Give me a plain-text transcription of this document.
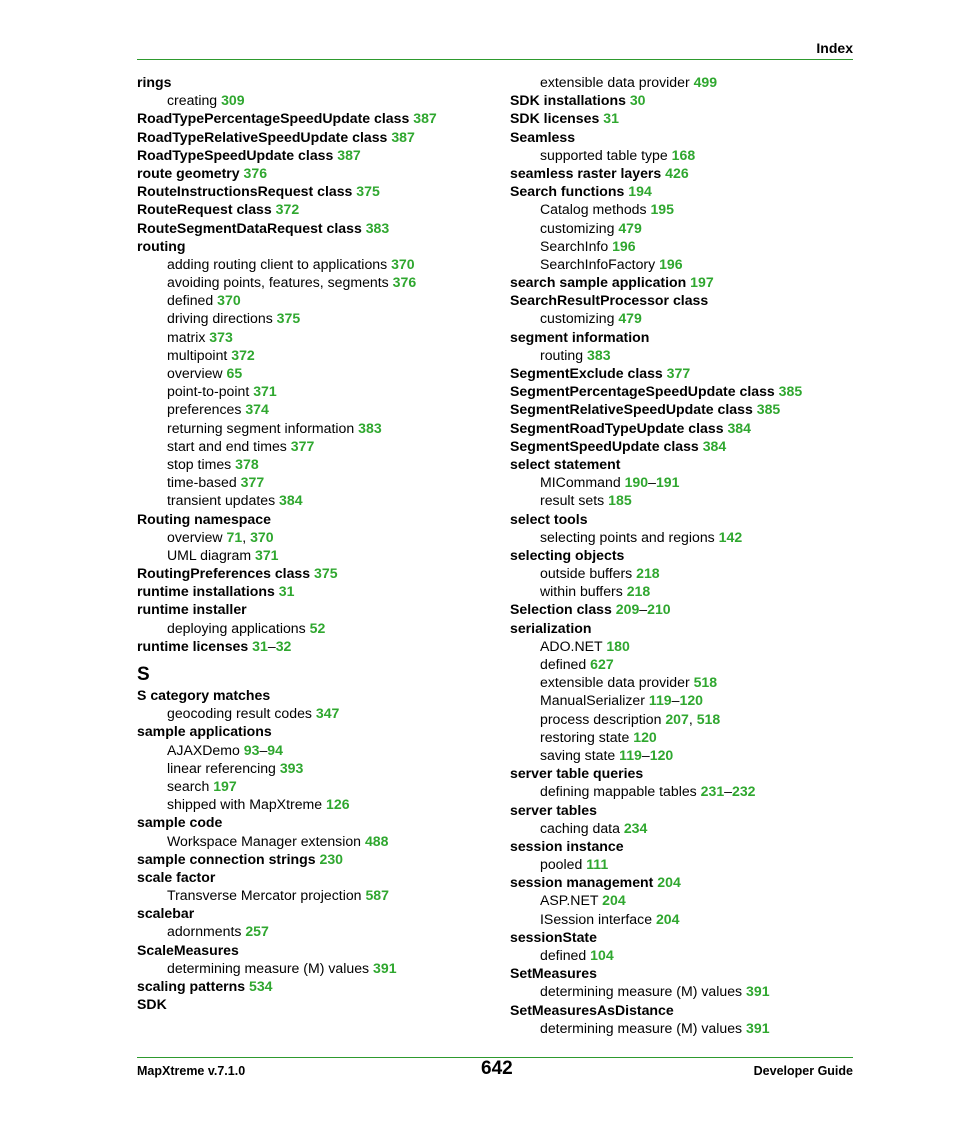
Index
rings
creating 309
RoadTypePercentageSpeedUpdate class 387
RoadTypeRelativeSpeedUpdate class 387
RoadTypeSpeedUpdate class 387
route geometry 376
RouteInstructionsRequest class 375
RouteRequest class 372
RouteSegmentDataRequest class 383
routing
adding routing client to applications 370
avoiding points, features, segments 376
defined 370
driving directions 375
matrix 373
multipoint 372
overview 65
point-to-point 371
preferences 374
returning segment information 383
start and end times 377
stop times 378
time-based 377
transient updates 384
Routing namespace
overview 71, 370
UML diagram 371
RoutingPreferences class 375
runtime installations 31
runtime installer
deploying applications 52
runtime licenses 31–32
S
S category matches
geocoding result codes 347
sample applications
AJAXDemo 93–94
linear referencing 393
search 197
shipped with MapXtreme 126
sample code
Workspace Manager extension 488
sample connection strings 230
scale factor
Transverse Mercator projection 587
scalebar
adornments 257
ScaleMeasures
determining measure (M) values 391
scaling patterns 534
SDK
extensible data provider 499
SDK installations 30
SDK licenses 31
Seamless
supported table type 168
seamless raster layers 426
Search functions 194
Catalog methods 195
customizing 479
SearchInfo 196
SearchInfoFactory 196
search sample application 197
SearchResultProcessor class
customizing 479
segment information
routing 383
SegmentExclude class 377
SegmentPercentageSpeedUpdate class 385
SegmentRelativeSpeedUpdate class 385
SegmentRoadTypeUpdate class 384
SegmentSpeedUpdate class 384
select statement
MICommand 190–191
result sets 185
select tools
selecting points and regions 142
selecting objects
outside buffers 218
within buffers 218
Selection class 209–210
serialization
ADO.NET 180
defined 627
extensible data provider 518
ManualSerializer 119–120
process description 207, 518
restoring state 120
saving state 119–120
server table queries
defining mappable tables 231–232
server tables
caching data 234
session instance
pooled 111
session management 204
ASP.NET 204
ISession interface 204
sessionState
defined 104
SetMeasures
determining measure (M) values 391
SetMeasuresAsDistance
determining measure (M) values 391
MapXtreme v.7.1.0	642	Developer Guide
